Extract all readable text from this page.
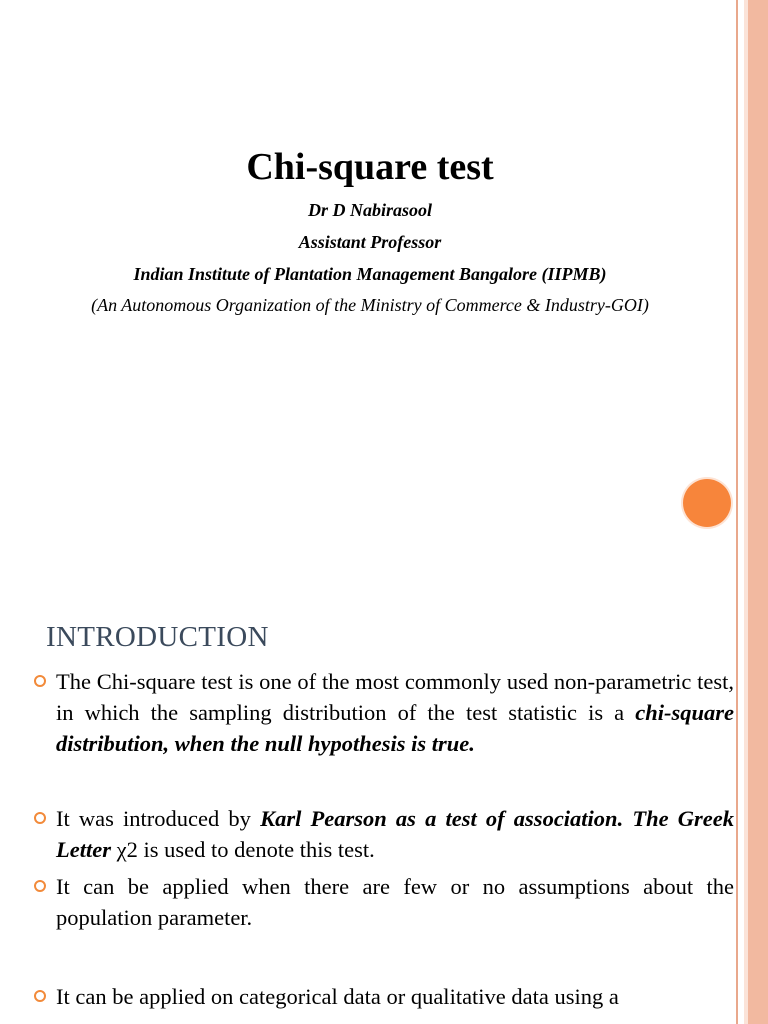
Chi-square test

Dr D Nabirasool

Assistant Professor

Indian Institute of Plantation Management Bangalore (IIPMB)

(An Autonomous Organization of the Ministry of Commerce & Industry-GOI)

INTRODUCTION
The Chi-square test is one of the most commonly used non-parametric test, in which the sampling distribution of the test statistic is a chi-square distribution, when the null hypothesis is true.
It was introduced by Karl Pearson as a test of association. The Greek Letter χ2 is used to denote this test.
It can be applied when there are few or no assumptions about the population parameter.
It can be applied on categorical data or qualitative data using a
